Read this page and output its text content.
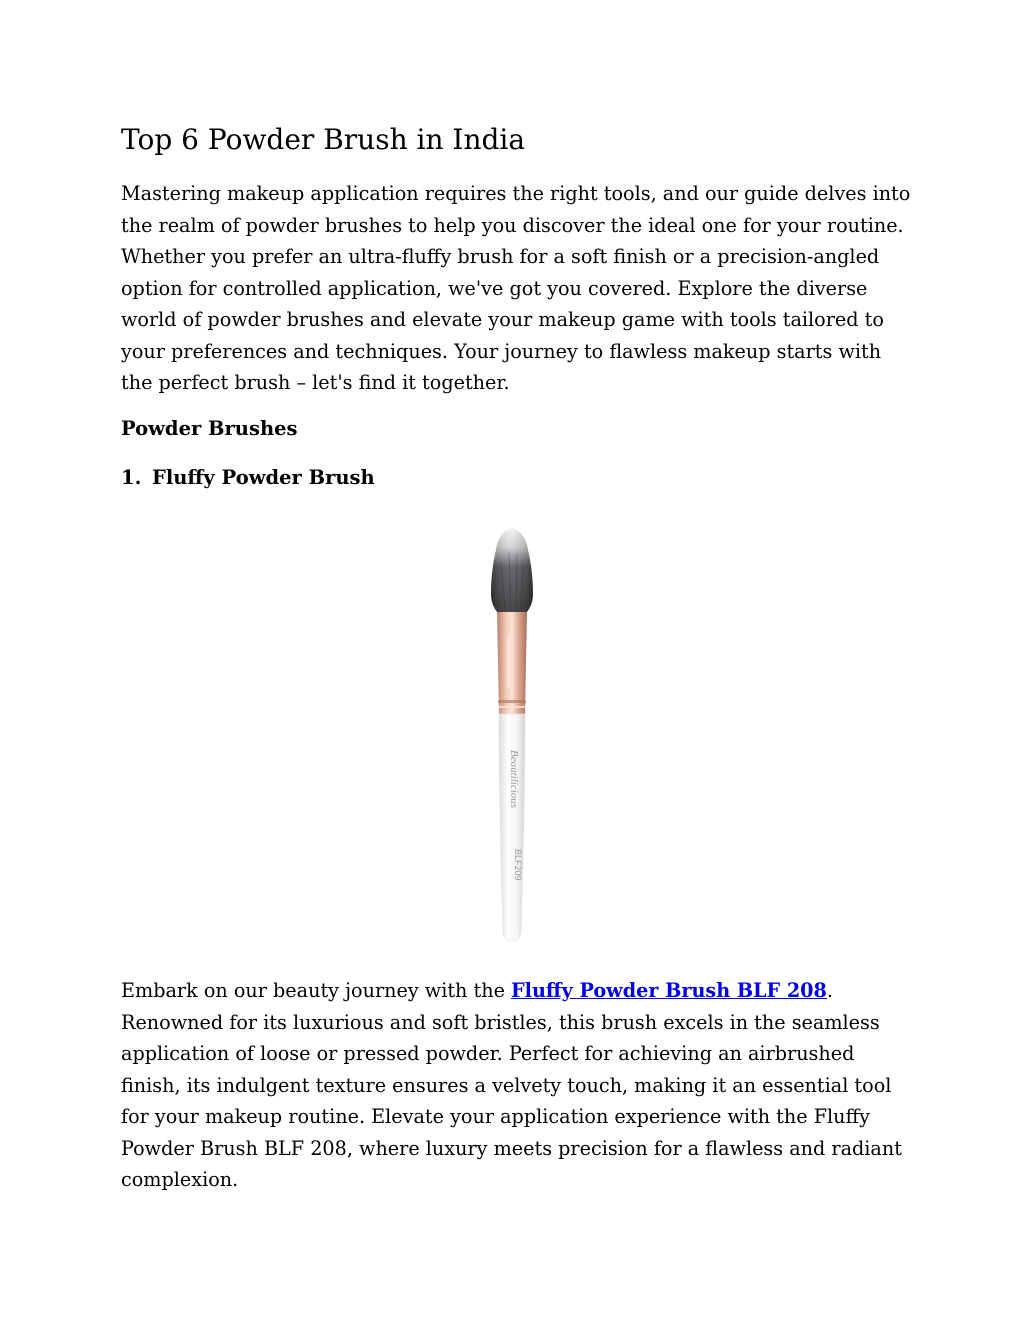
Top 6 Powder Brush in India

Mastering makeup application requires the right tools, and our guide delves into the realm of powder brushes to help you discover the ideal one for your routine. Whether you prefer an ultra-fluffy brush for a soft finish or a precision-angled option for controlled application, we've got you covered. Explore the diverse world of powder brushes and elevate your makeup game with tools tailored to your preferences and techniques. Your journey to flawless makeup starts with the perfect brush – let's find it together.

Powder Brushes
1. Fluffy Powder Brush
Beautilicious
BLF209

Embark on our beauty journey with the Fluffy Powder Brush BLF 208. Renowned for its luxurious and soft bristles, this brush excels in the seamless application of loose or pressed powder. Perfect for achieving an airbrushed finish, its indulgent texture ensures a velvety touch, making it an essential tool for your makeup routine. Elevate your application experience with the Fluffy Powder Brush BLF 208, where luxury meets precision for a flawless and radiant complexion.
